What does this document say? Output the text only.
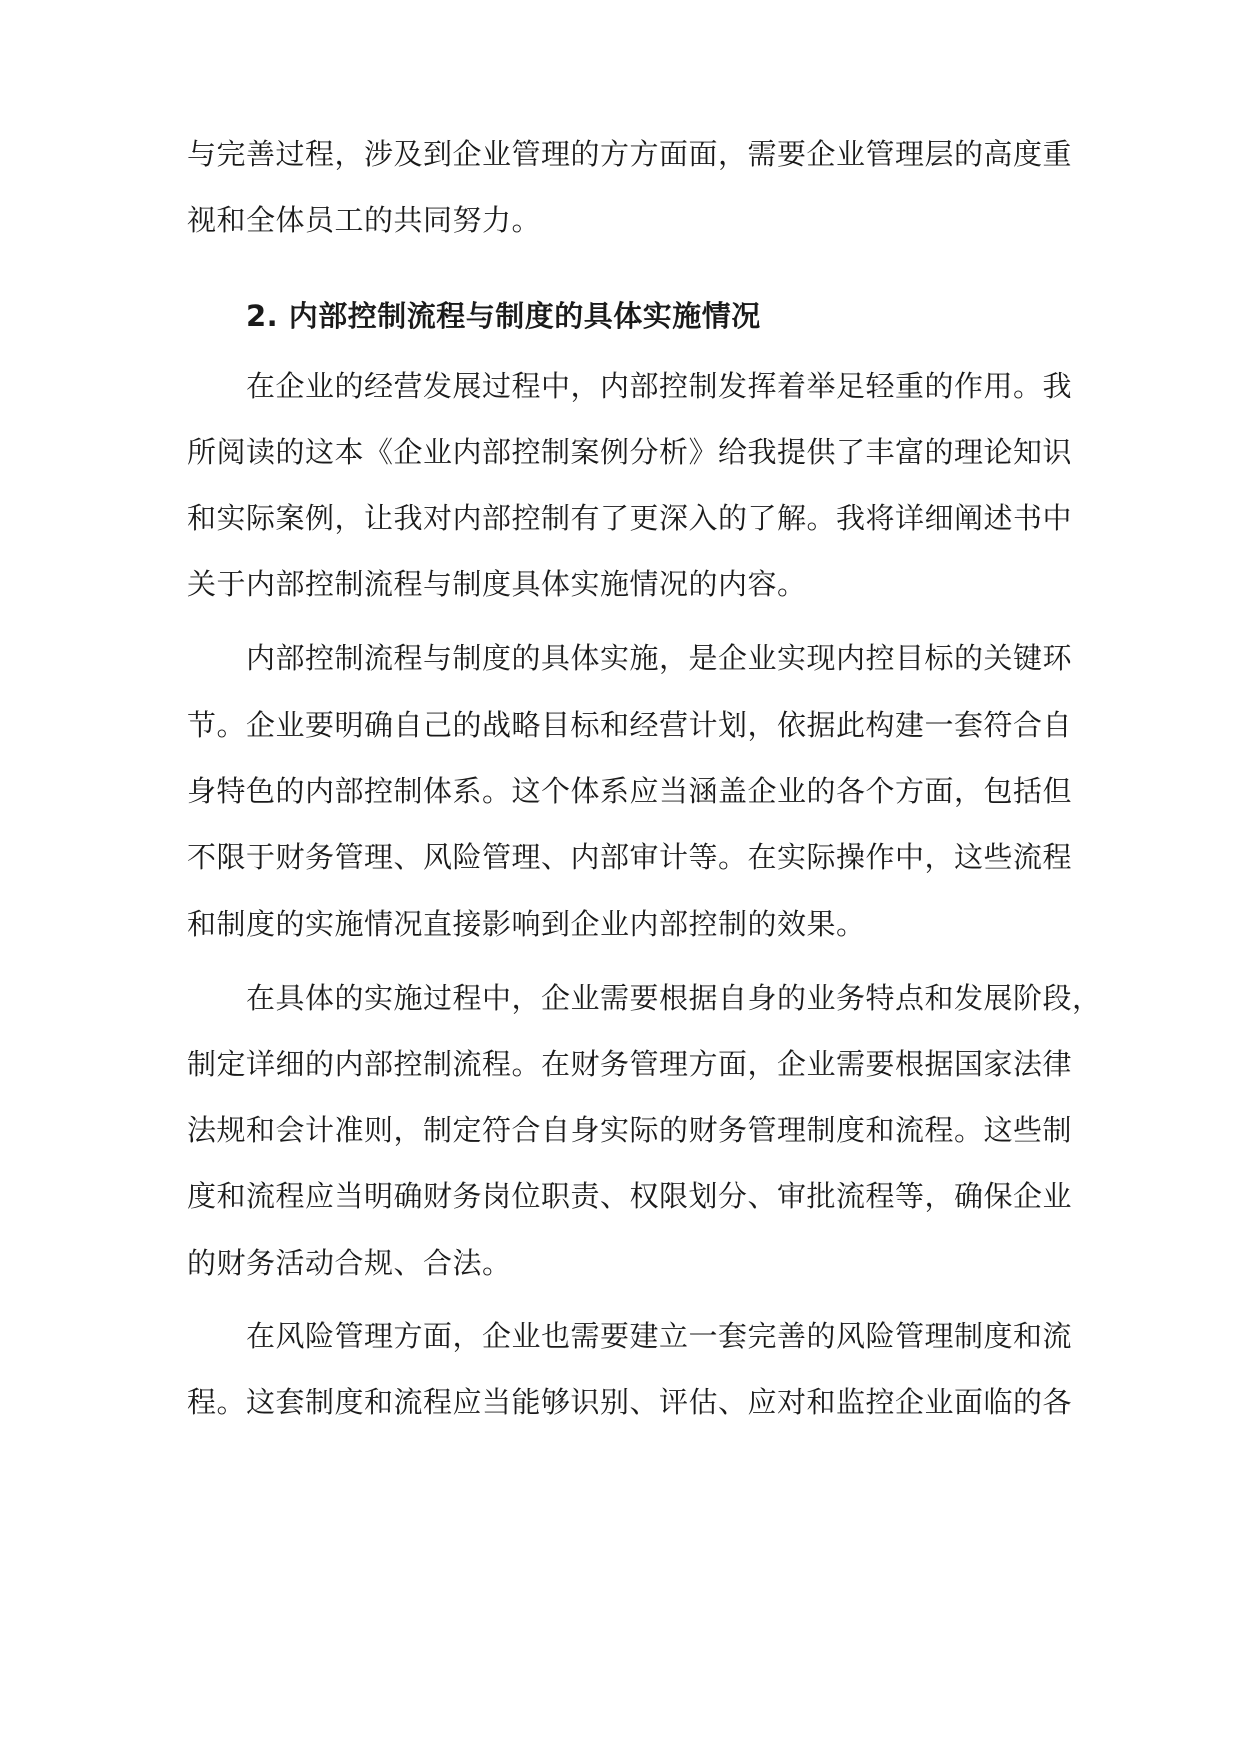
与完善过程，涉及到企业管理的方方面面，需要企业管理层的高度重
视和全体员工的共同努力。
2. 内部控制流程与制度的具体实施情况
在企业的经营发展过程中，内部控制发挥着举足轻重的作用。我
所阅读的这本《企业内部控制案例分析》给我提供了丰富的理论知识
和实际案例，让我对内部控制有了更深入的了解。我将详细阐述书中
关于内部控制流程与制度具体实施情况的内容。
内部控制流程与制度的具体实施，是企业实现内控目标的关键环
节。企业要明确自己的战略目标和经营计划，依据此构建一套符合自
身特色的内部控制体系。这个体系应当涵盖企业的各个方面，包括但
不限于财务管理、风险管理、内部审计等。在实际操作中，这些流程
和制度的实施情况直接影响到企业内部控制的效果。
在具体的实施过程中，企业需要根据自身的业务特点和发展阶段，
制定详细的内部控制流程。在财务管理方面，企业需要根据国家法律
法规和会计准则，制定符合自身实际的财务管理制度和流程。这些制
度和流程应当明确财务岗位职责、权限划分、审批流程等，确保企业
的财务活动合规、合法。
在风险管理方面，企业也需要建立一套完善的风险管理制度和流
程。这套制度和流程应当能够识别、评估、应对和监控企业面临的各
